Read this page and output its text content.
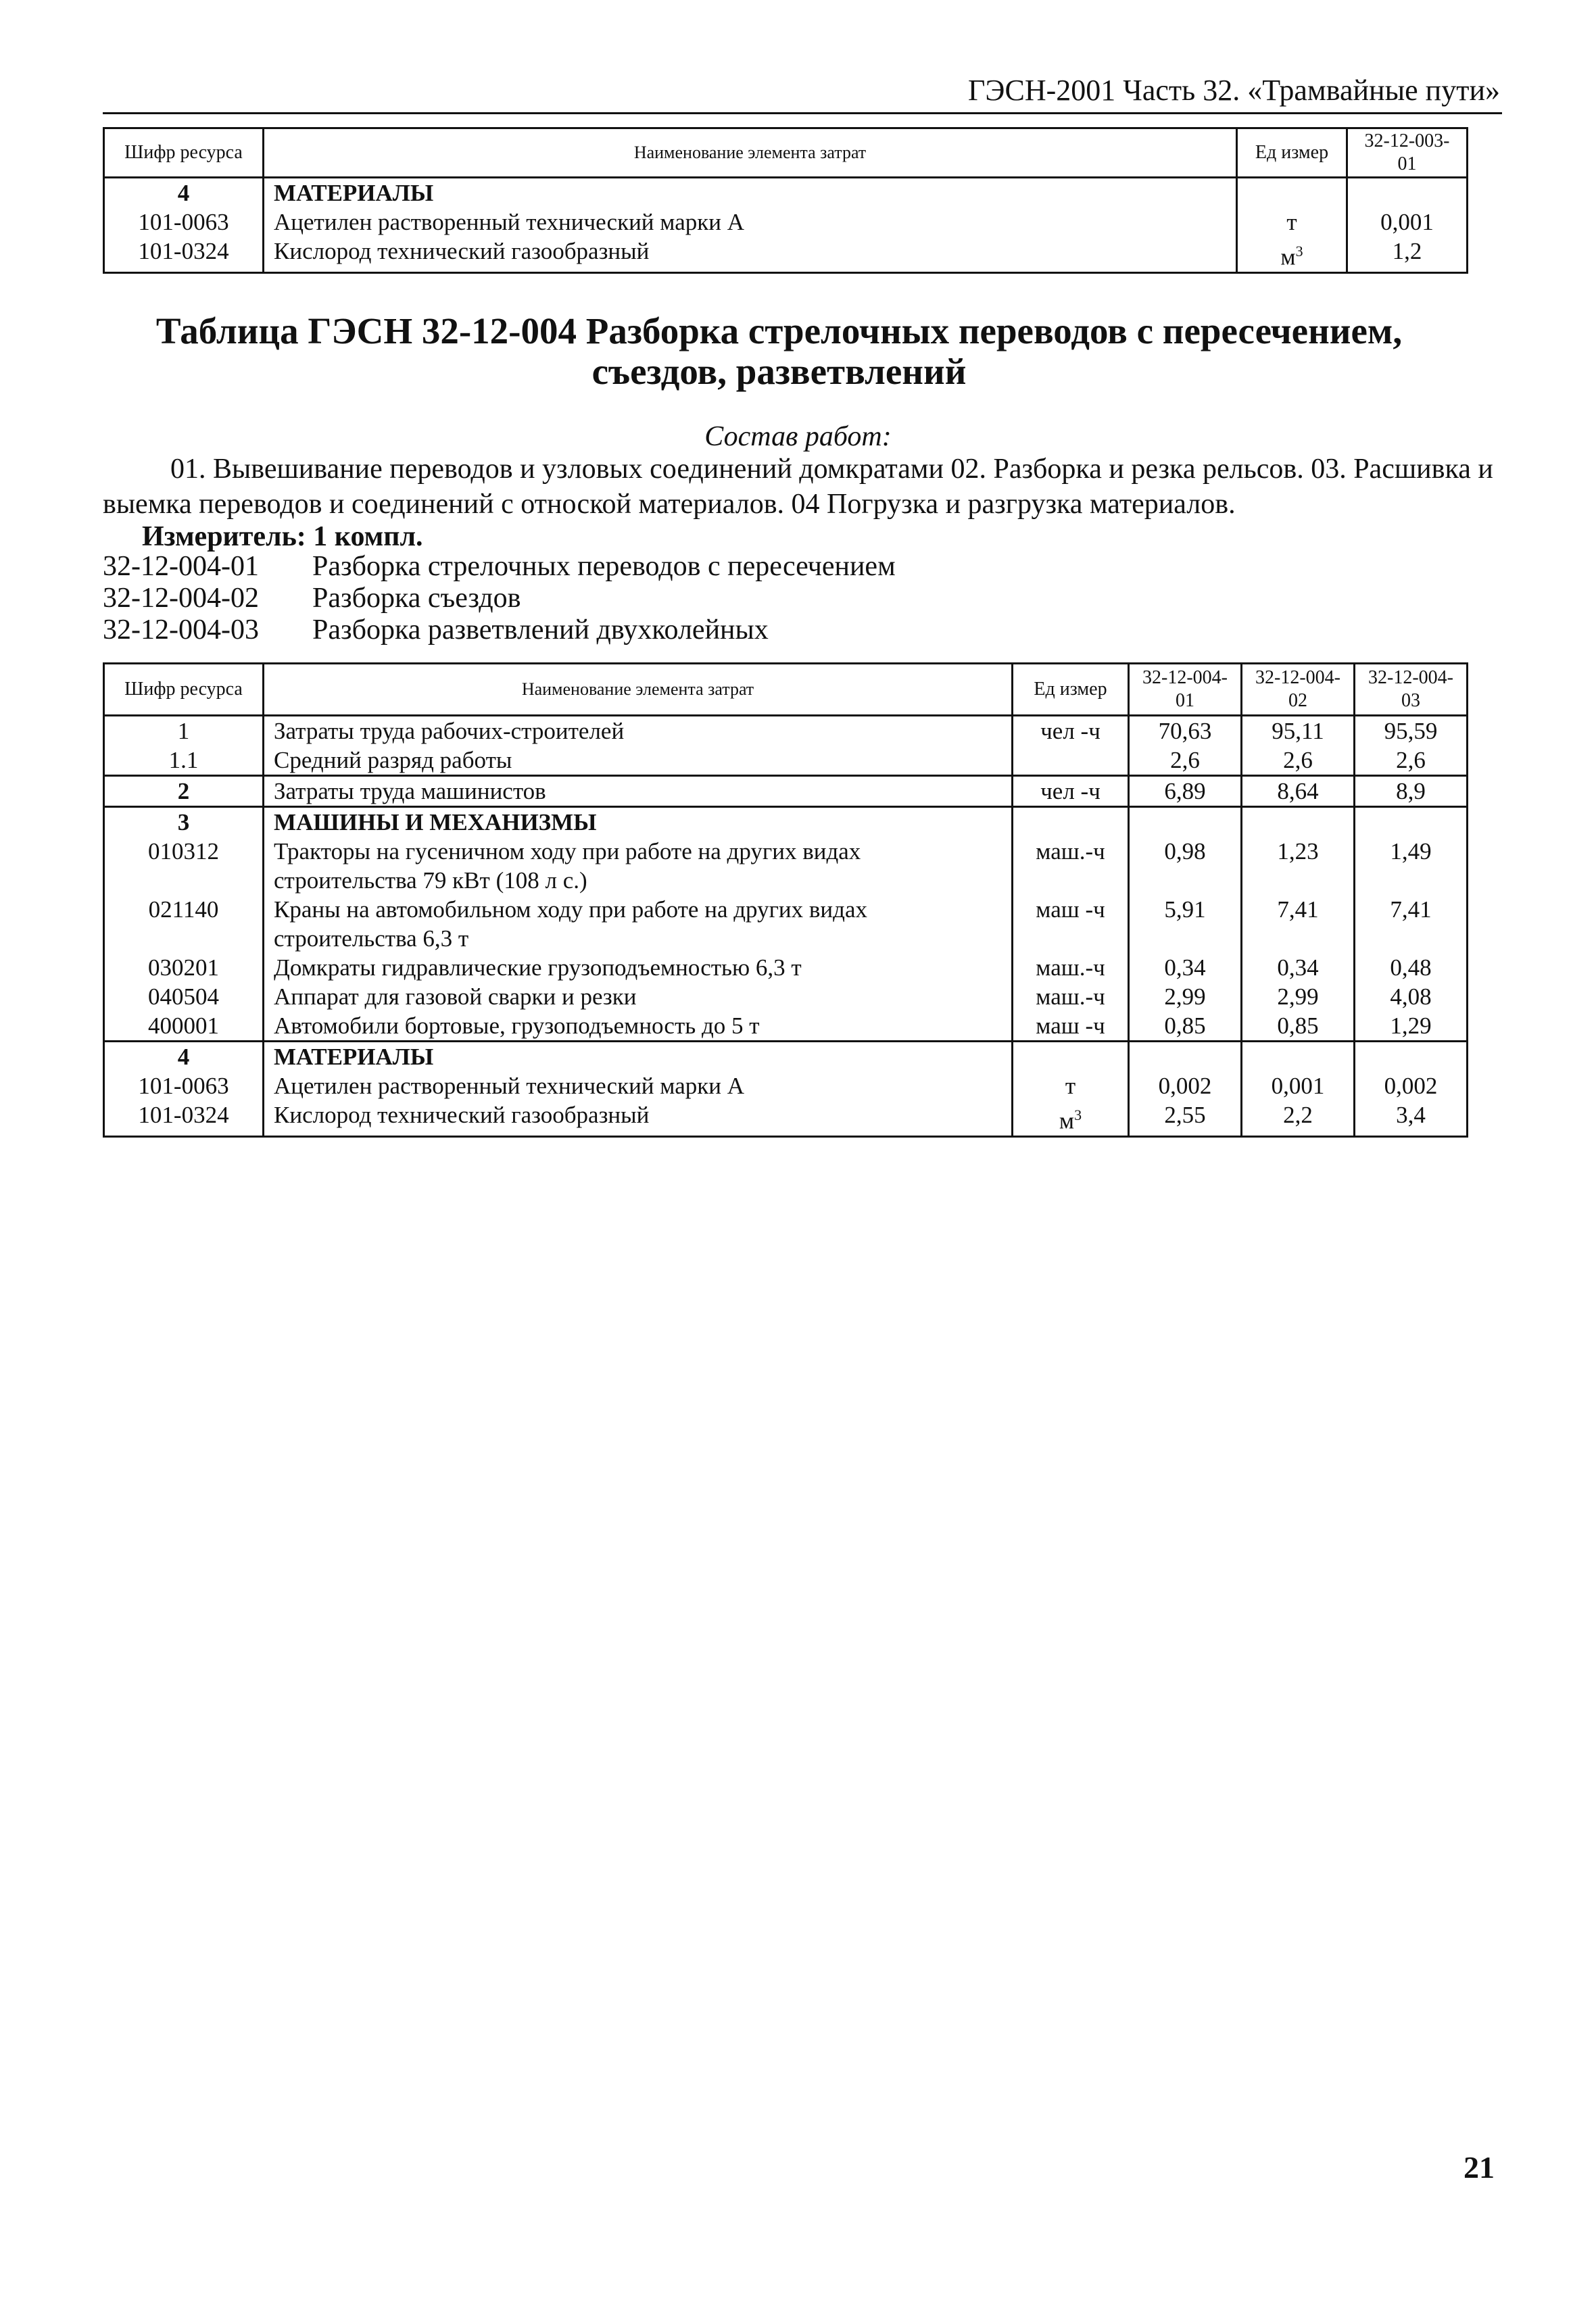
ГЭСН-2001 Часть 32. «Трамвайные пути»
Шифр ресурса	Наименование элемента затрат	Ед измер	32-12-003-01
4	МАТЕРИАЛЫ		
101-0063	Ацетилен растворенный технический марки А	т	0,001
101-0324	Кислород технический газообразный	$м^3$	1,2
Таблица ГЭСН 32-12-004 Разборка стрелочных переводов с пересечением, съездов, разветвлений
Состав работ:
01. Вывешивание переводов и узловых соединений домкратами 02. Разборка и резка рельсов. 03. Расшивка и выемка переводов и соединений с отноской материалов. 04 Погрузка и разгрузка материалов.
Измеритель: 1 компл.
32-12-004-01	Разборка стрелочных переводов с пересечением
32-12-004-02	Разборка съездов
32-12-004-03	Разборка разветвлений двухколейных
Шифр ресурса	Наименование элемента затрат	Ед измер	32-12-004-01	32-12-004-02	32-12-004-03
1	Затраты труда рабочих-строителей	чел -ч	70,63	95,11	95,59
1.1	Средний разряд работы		2,6	2,6	2,6
2	Затраты труда машинистов	чел -ч	6,89	8,64	8,9
3	МАШИНЫ И МЕХАНИЗМЫ				
010312	Тракторы на гусеничном ходу при работе на других видах строительства 79 кВт (108 л с.)	маш.-ч	0,98	1,23	1,49
021140	Краны на автомобильном ходу при работе на других видах строительства 6,3 т	маш -ч	5,91	7,41	7,41
030201	Домкраты гидравлические грузоподъемностью 6,3 т	маш.-ч	0,34	0,34	0,48
040504	Аппарат для газовой сварки и резки	маш.-ч	2,99	2,99	4,08
400001	Автомобили бортовые, грузоподъемность до 5 т	маш -ч	0,85	0,85	1,29
4	МАТЕРИАЛЫ				
101-0063	Ацетилен растворенный технический марки А	т	0,002	0,001	0,002
101-0324	Кислород технический газообразный	$м^3$	2,55	2,2	3,4
21
